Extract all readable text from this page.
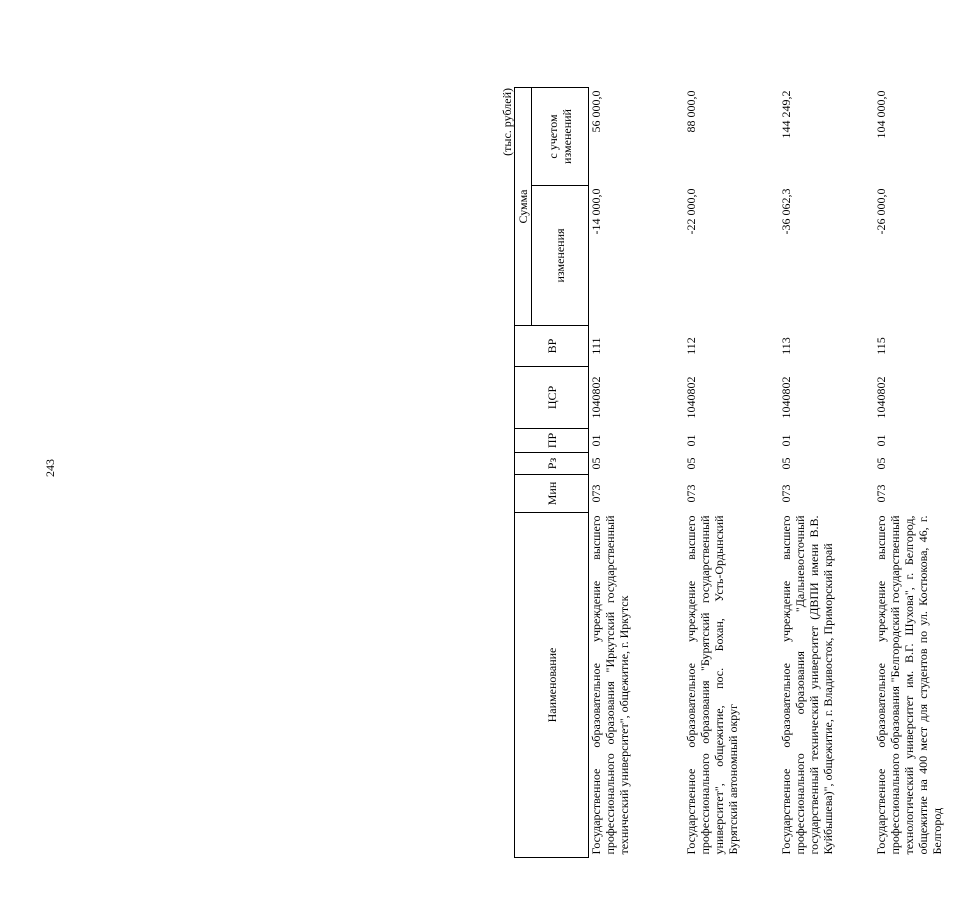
243
(тыс. рублей)
Наименование	Мин	Рз	ПР	ЦСР	ВР	Сумма	
						изменения	с учетом изменений
Государственное образовательное учреждение высшего профессионального образования "Иркутский государственный технический университет", общежитие, г. Иркутск	073	05	01	1040802	111	-14 000,0	56 000,0
Государственное образовательное учреждение высшего профессионального образования "Бурятский государственный университет", общежитие, пос. Бохан, Усть-Ордынский Бурятский автономный округ	073	05	01	1040802	112	-22 000,0	88 000,0
Государственное образовательное учреждение высшего профессионального образования "Дальневосточный государственный технический университет (ДВПИ имени В.В. Куйбышева)", общежитие, г. Владивосток, Приморский край	073	05	01	1040802	113	-36 062,3	144 249,2
Государственное образовательное учреждение высшего профессионального образования "Белгородский государственный технологический университет им. В.Г. Шухова", г. Белгород, общежитие на 400 мест для студентов по ул. Костюкова, 46, г. Белгород	073	05	01	1040802	115	-26 000,0	104 000,0
